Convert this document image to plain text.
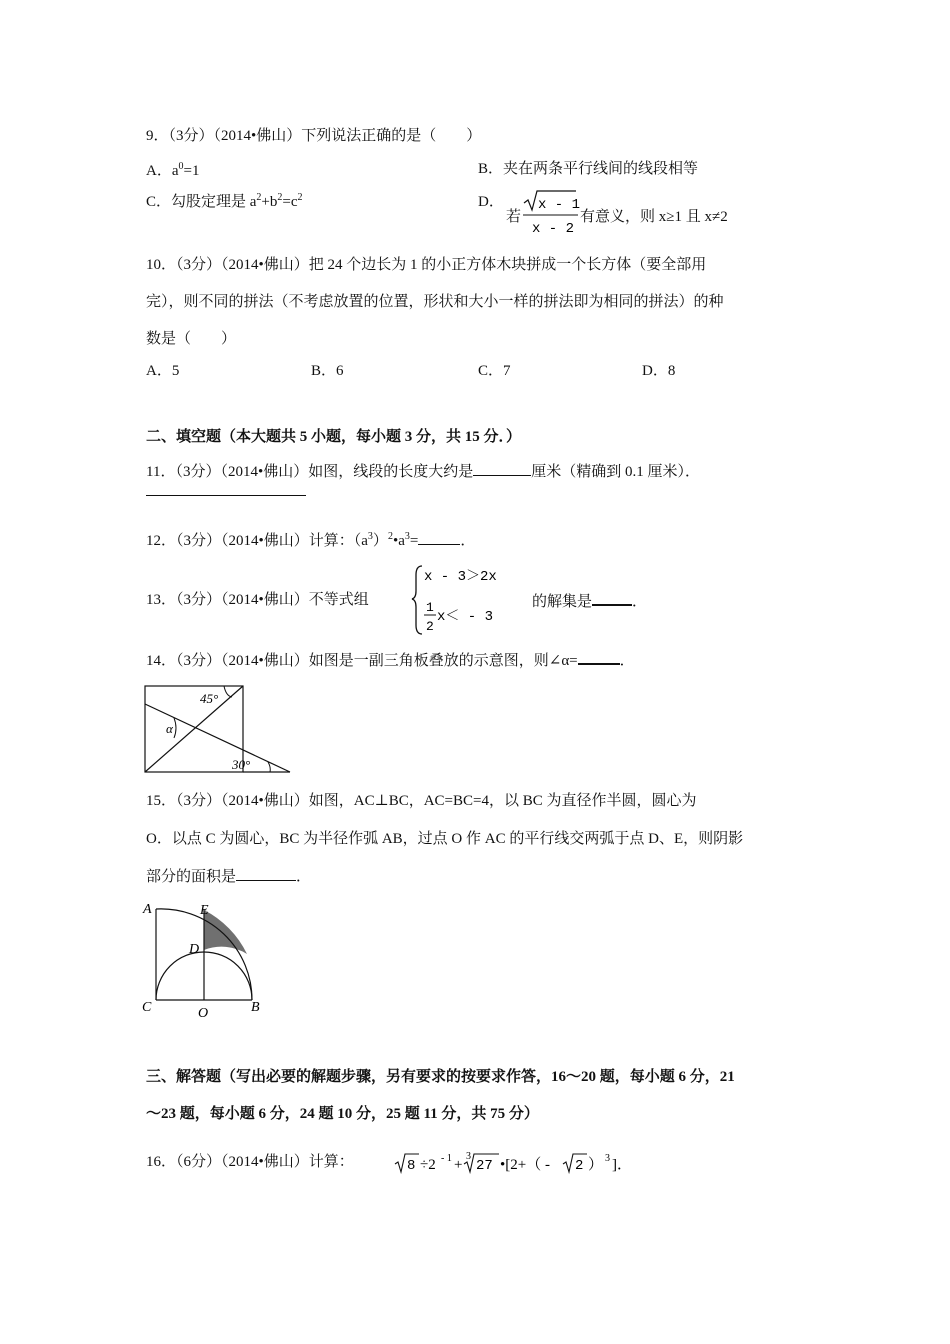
9．（3分）（2014•佛山）下列说法正确的是（　　）
A．$a^0=1$	B．夹在两条平行线间的线段相等
C．勾股定理是 $a^2+b^2=c^2$	D．
若
x - 1
x - 2
有意义，则 x≥1 且 x≠2
10．（3分）（2014•佛山）把 24 个边长为 1 的小正方体木块拼成一个长方体（要全部用
完），则不同的拼法（不考虑放置的位置，形状和大小一样的拼法即为相同的拼法）的种
数是（　　）
A．5	B．6	C．7	D．8
二、填空题（本大题共 5 小题，每小题 3 分，共 15 分．）
11．（3分）（2014•佛山）如图，线段的长度大约是	厘米（精确到 0.1 厘米）．
12．（3分）（2014•佛山）计算：$(a^3)^2•a^3=$	．
13．（3分）（2014•佛山）不等式组
x - 3＞2x
1
2
x＜ - 3
的解集是	．
14．（3分）（2014•佛山）如图是一副三角板叠放的示意图，则∠α=	．
45°
α
30°
15．（3分）（2014•佛山）如图，AC⊥BC，AC=BC=4，以 BC 为直径作半圆，圆心为
O．以点 C 为圆心，BC 为半径作弧 AB，过点 O 作 AC 的平行线交两弧于点 D、E，则阴影
部分的面积是	．
A	E
D
C	O	B
三、解答题（写出必要的解题步骤，另有要求的按要求作答，16～20 题，每小题 6 分，21
～23 题，每小题 6 分，24 题 10 分，25 题 11 分，共 75 分）
16．（6分）（2014•佛山）计算：	8 ÷2 - 1 +
3
27 •[2+（ - 2 ） 3 ]．
